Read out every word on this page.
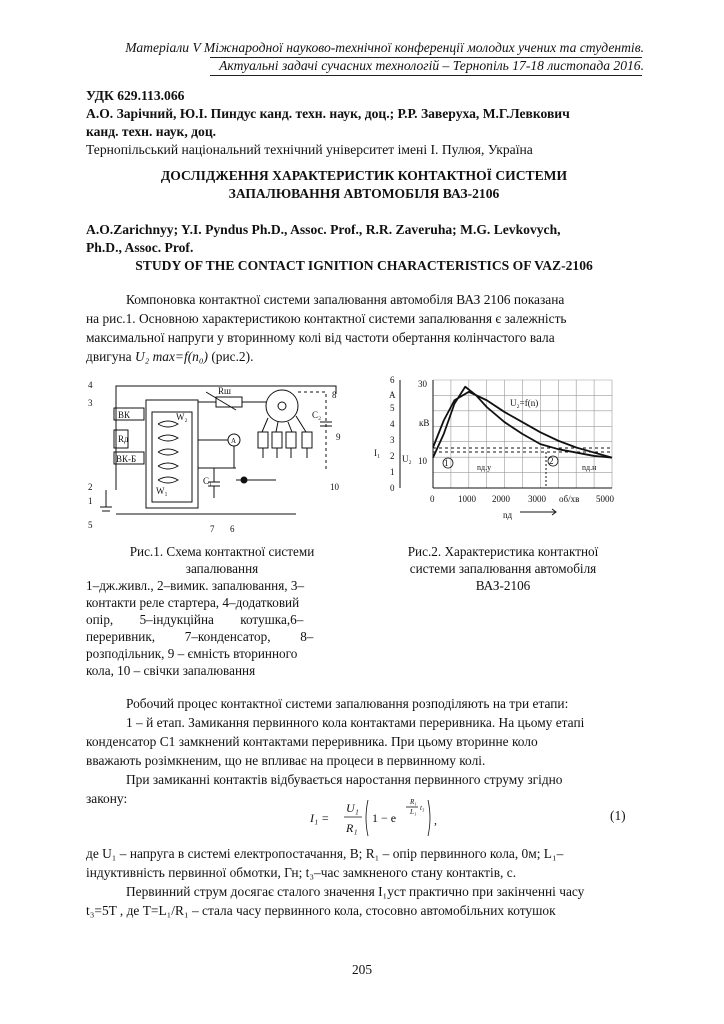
Матеріали V Міжнародної науково-технічної конференції молодих учених та студентів.
Актуальні задачі сучасних технологій – Тернопіль 17-18 листопада 2016.
УДК 629.113.066
А.О. Зарічний, Ю.І. Пиндус канд. техн. наук, доц.; Р.Р. Заверуха, М.Г.Левкович
канд. техн. наук, доц.
Тернопільський національний технічний університет імені І. Пулюя, Україна
ДОСЛІДЖЕННЯ ХАРАКТЕРИСТИК КОНТАКТНОЇ СИСТЕМИ
ЗАПАЛЮВАННЯ АВТОМОБІЛЯ ВАЗ-2106
A.O.Zarichnyy; Y.I. Pyndus Ph.D., Assoc. Prof., R.R. Zaveruha; M.G. Levkovych,
Ph.D., Assoc. Prof.
STUDY OF THE CONTACT IGNITION CHARACTERISTICS OF VAZ-2106
Компоновка контактної системи запалювання автомобіля ВАЗ 2106 показана
на рис.1. Основною характеристикою контактної системи запалювання є залежність
максимальної напруги у вторинному колі від частоти обертання колінчастого вала
двигуна U₂ max=f(n₀) (рис.2).
4
3
ВК
Rд
ВК-Б
2
1
5
W₁
W₂
Rш
A
C₁
C₂
8
9
10
7 6
Рис.1. Схема контактної системи
запалювання
1–дж.живл., 2–вимик. запалювання, 3–
контакти реле стартера, 4–додатковий
опір,        5–індукційна        котушка,6–
переривник,         7–конденсатор,         8–
розподільник, 9 – ємність вторинного
кола, 10 – свічки запалювання
0
1
2
3
4
5
6
A
I₁
30
10
кВ
U₂
U₂=f(n)
1	2
nд.у	nд.н
0	1000 2000 3000 об/хв 5000
nд
Рис.2. Характеристика контактної
системи запалювання автомобіля
ВАЗ-2106
Робочий процес контактної системи запалювання розподіляють на три етапи:
1 – й етап. Замикання первинного кола контактами переривника. На цьому етапі
конденсатор С1 замкнений контактами переривника. При цьому вторинне коло
вважають розімкненим, що не впливає на процеси в первинному колі.
При замиканні контактів відбувається наростання первинного струму згідно
закону:
I₁ =
U₁
R₁
1 − e
R₁
L₁ t₃
,	(1)
де U₁ – напруга в системі електропостачання, В; R₁ – опір первинного кола, 0м; L₁–
індуктивність первинної обмотки, Гн; t₃–час замкненого стану контактів, с.
Первинний струм досягає сталого значення I₁уст практично при закінченні часу
t₃=5T , де T=L₁/R₁ – стала часу первинного кола, стосовно автомобільних котушок
205
